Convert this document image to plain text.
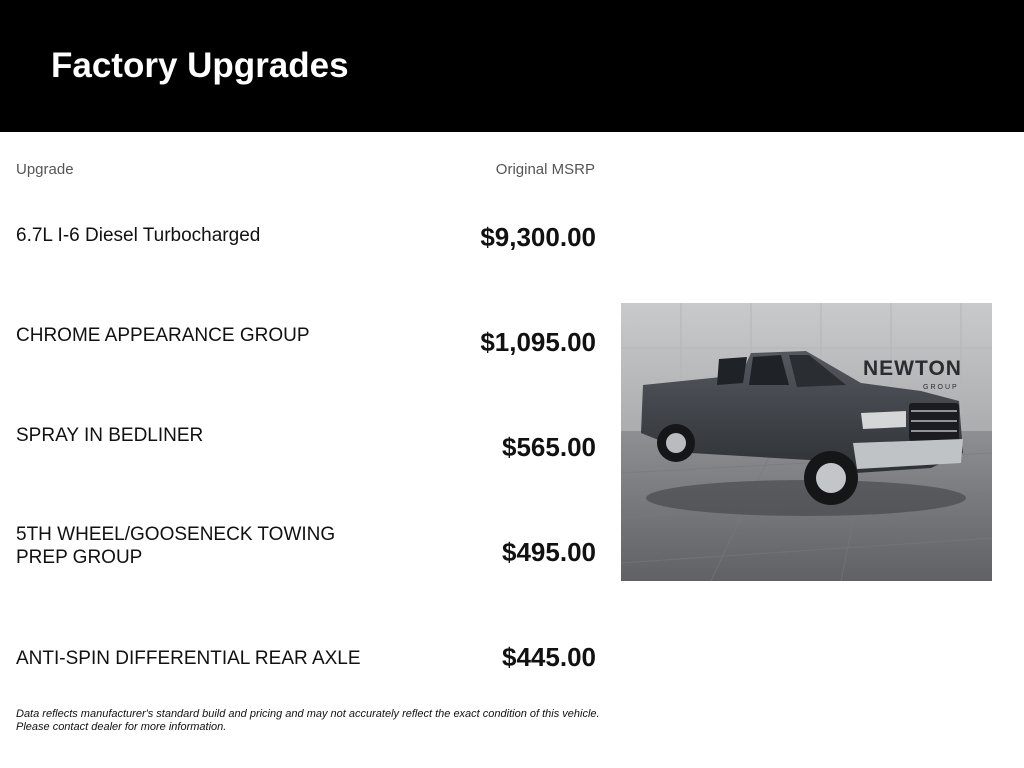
Factory Upgrades
Upgrade	Original MSRP
6.7L I-6 Diesel Turbocharged	$9,300.00
CHROME APPEARANCE GROUP	$1,095.00
SPRAY IN BEDLINER	$565.00
5TH WHEEL/GOOSENECK TOWING PREP GROUP	$495.00
ANTI-SPIN DIFFERENTIAL REAR AXLE	$445.00
Data reflects manufacturer's standard build and pricing and may not accurately reflect the exact condition of this vehicle. Please contact dealer for more information.
NEWTON
GROUP
